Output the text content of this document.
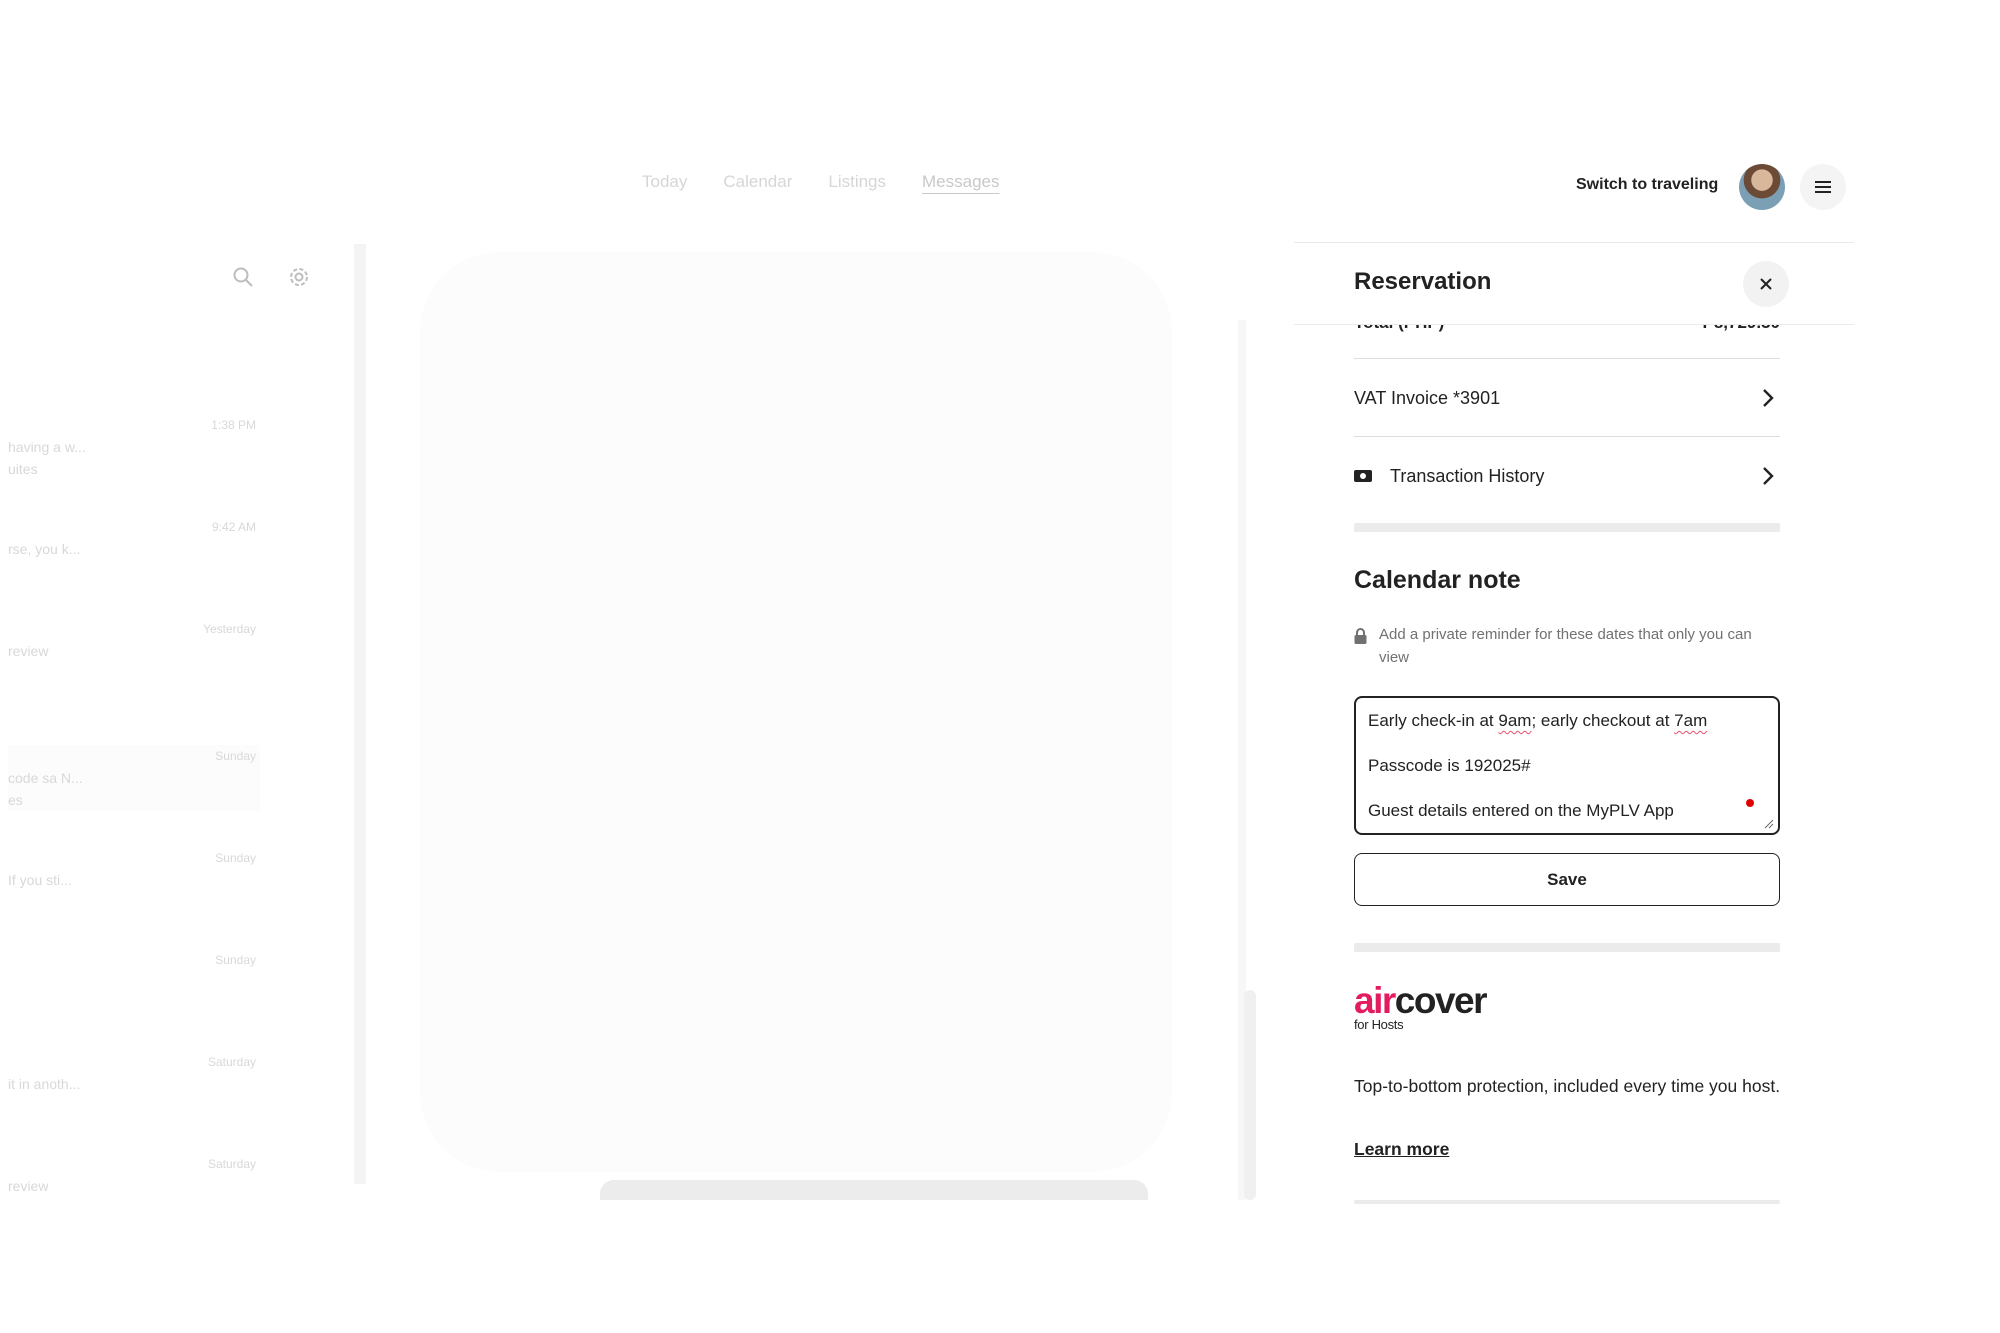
Today Calendar Listings Messages	Switch to traveling
1:38 PM
having a w...
uites
9:42 AM
rse, you k...
Yesterday
review
Sunday
code sa N...
es
Sunday
If you sti...
Sunday
Saturday
it in anoth...
Saturday
review
Reservation
VAT Invoice *3901
Transaction History
Calendar note
Add a private reminder for these dates that only you can view
Early check-in at 9am; early checkout at 7am
Passcode is 192025#
Guest details entered on the MyPLV App
Save
aircover
for Hosts
Top-to-bottom protection, included every time you host.
Learn more
